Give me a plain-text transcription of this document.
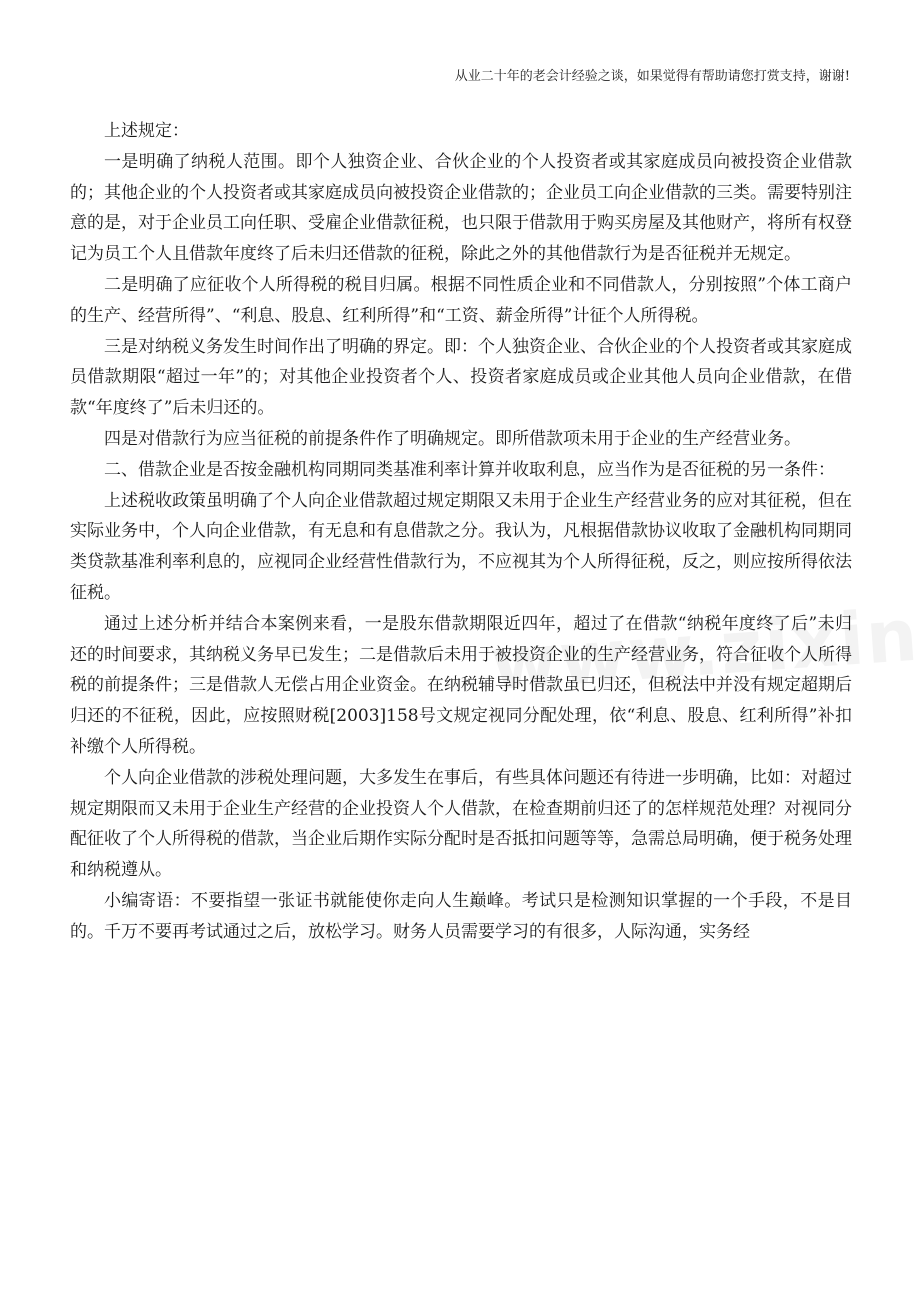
从业二十年的老会计经验之谈，如果觉得有帮助请您打赏支持，谢谢!

上述规定：

一是明确了纳税人范围。即个人独资企业、合伙企业的个人投资者或其家庭成员向被投资企业借款的；其他企业的个人投资者或其家庭成员向被投资企业借款的；企业员工向企业借款的三类。需要特别注意的是，对于企业员工向任职、受雇企业借款征税，也只限于借款用于购买房屋及其他财产，将所有权登记为员工个人且借款年度终了后未归还借款的征税，除此之外的其他借款行为是否征税并无规定。

二是明确了应征收个人所得税的税目归属。根据不同性质企业和不同借款人，分别按照”个体工商户的生产、经营所得”、“利息、股息、红利所得”和“工资、薪金所得”计征个人所得税。

三是对纳税义务发生时间作出了明确的界定。即：个人独资企业、合伙企业的个人投资者或其家庭成员借款期限“超过一年”的；对其他企业投资者个人、投资者家庭成员或企业其他人员向企业借款，在借款“年度终了”后未归还的。

四是对借款行为应当征税的前提条件作了明确规定。即所借款项未用于企业的生产经营业务。

二、借款企业是否按金融机构同期同类基准利率计算并收取利息，应当作为是否征税的另一条件：

上述税收政策虽明确了个人向企业借款超过规定期限又未用于企业生产经营业务的应对其征税，但在实际业务中，个人向企业借款，有无息和有息借款之分。我认为，凡根据借款协议收取了金融机构同期同类贷款基准利率利息的，应视同企业经营性借款行为，不应视其为个人所得征税，反之，则应按所得依法征税。

通过上述分析并结合本案例来看，一是股东借款期限近四年，超过了在借款“纳税年度终了后”未归还的时间要求，其纳税义务早已发生；二是借款后未用于被投资企业的生产经营业务，符合征收个人所得税的前提条件；三是借款人无偿占用企业资金。在纳税辅导时借款虽已归还，但税法中并没有规定超期后归还的不征税，因此，应按照财税[2003]158号文规定视同分配处理，依“利息、股息、红利所得”补扣补缴个人所得税。

个人向企业借款的涉税处理问题，大多发生在事后，有些具体问题还有待进一步明确，比如：对超过规定期限而又未用于企业生产经营的企业投资人个人借款，在检查期前归还了的怎样规范处理？对视同分配征收了个人所得税的借款，当企业后期作实际分配时是否抵扣问题等等，急需总局明确，便于税务处理和纳税遵从。

小编寄语：不要指望一张证书就能使你走向人生巅峰。考试只是检测知识掌握的一个手段，不是目的。千万不要再考试通过之后，放松学习。财务人员需要学习的有很多，人际沟通，实务经
